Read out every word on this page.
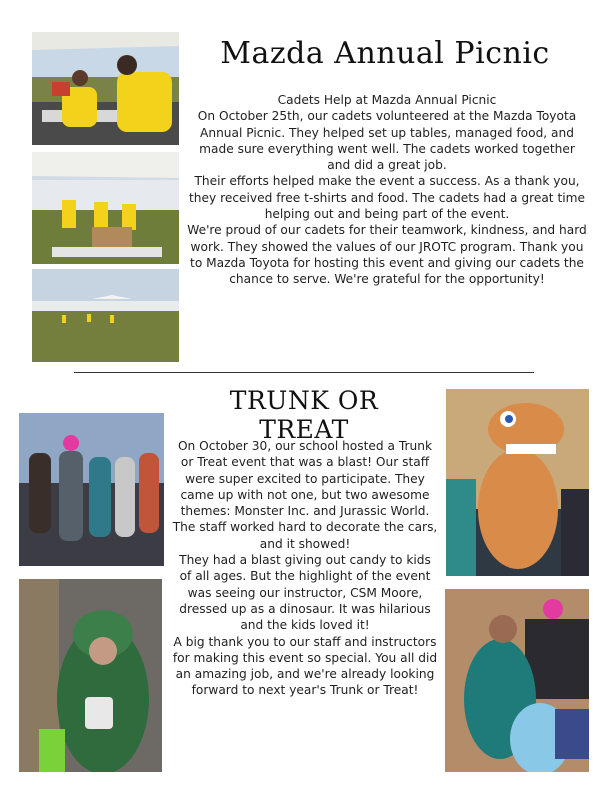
Mazda Annual Picnic

Cadets Help at Mazda Annual Picnic

On October 25th, our cadets volunteered at the Mazda Toyota Annual Picnic. They helped set up tables, managed food, and made sure everything went well. The cadets worked together and did a great job.

Their efforts helped make the event a success. As a thank you, they received free t-shirts and food. The cadets had a great time helping out and being part of the event.

We're proud of our cadets for their teamwork, kindness, and hard work. They showed the values of our JROTC program. Thank you to Mazda Toyota for hosting this event and giving our cadets the chance to serve. We're grateful for the opportunity!

TRUNK OR TREAT

On October 30, our school hosted a Trunk or Treat event that was a blast! Our staff were super excited to participate. They came up with not one, but two awesome themes: Monster Inc. and Jurassic World. The staff worked hard to decorate the cars, and it showed!

They had a blast giving out candy to kids of all ages. But the highlight of the event was seeing our instructor, CSM Moore, dressed up as a dinosaur. It was hilarious and the kids loved it!

A big thank you to our staff and instructors for making this event so special. You all did an amazing job, and we're already looking forward to next year's Trunk or Treat!
